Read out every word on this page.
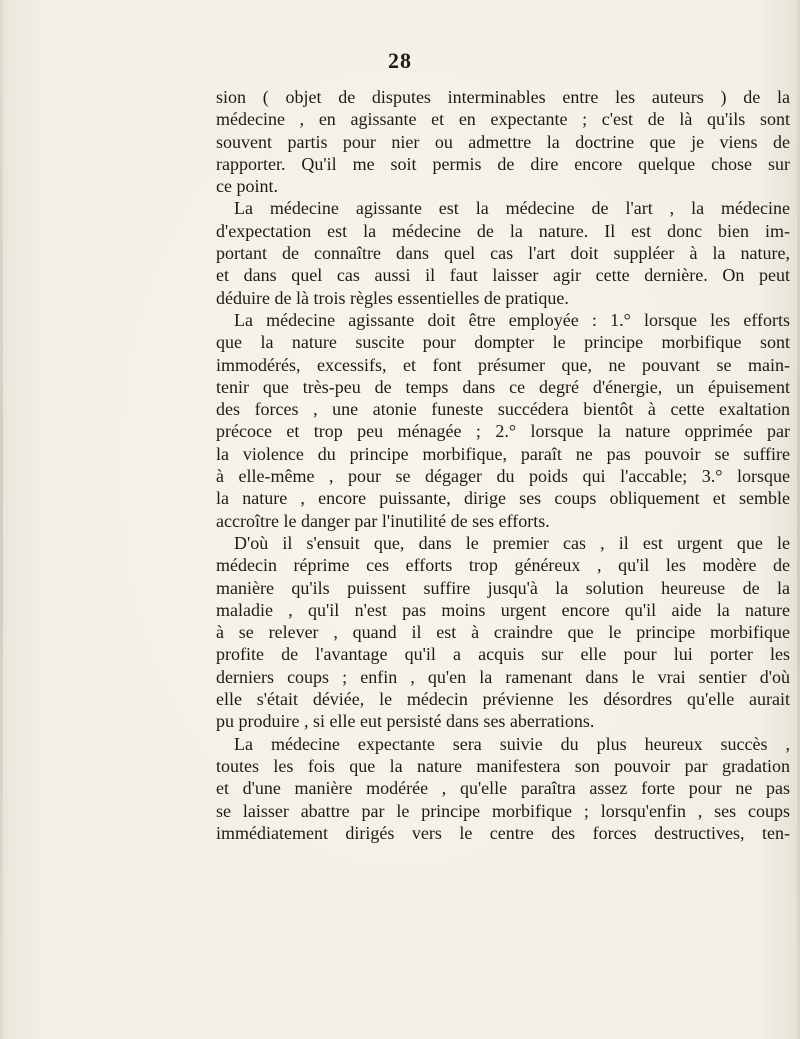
28
sion ( objet de disputes interminables entre les auteurs ) de la
médecine , en agissante et en expectante ; c'est de là qu'ils sont
souvent partis pour nier ou admettre la doctrine que je viens de
rapporter. Qu'il me soit permis de dire encore quelque chose sur
ce point.
La médecine agissante est la médecine de l'art , la médecine
d'expectation est la médecine de la nature. Il est donc bien im-
portant de connaître dans quel cas l'art doit suppléer à la nature,
et dans quel cas aussi il faut laisser agir cette dernière. On peut
déduire de là trois règles essentielles de pratique.
La médecine agissante doit être employée : 1.° lorsque les efforts
que la nature suscite pour dompter le principe morbifique sont
immodérés, excessifs, et font présumer que, ne pouvant se main-
tenir que très-peu de temps dans ce degré d'énergie, un épuisement
des forces , une atonie funeste succédera bientôt à cette exaltation
précoce et trop peu ménagée ; 2.° lorsque la nature opprimée par
la violence du principe morbifique, paraît ne pas pouvoir se suffire
à elle-même , pour se dégager du poids qui l'accable; 3.° lorsque
la nature , encore puissante, dirige ses coups obliquement et semble
accroître le danger par l'inutilité de ses efforts.
D'où il s'ensuit que, dans le premier cas , il est urgent que le
médecin réprime ces efforts trop généreux , qu'il les modère de
manière qu'ils puissent suffire jusqu'à la solution heureuse de la
maladie , qu'il n'est pas moins urgent encore qu'il aide la nature
à se relever , quand il est à craindre que le principe morbifique
profite de l'avantage qu'il a acquis sur elle pour lui porter les
derniers coups ; enfin , qu'en la ramenant dans le vrai sentier d'où
elle s'était déviée, le médecin prévienne les désordres qu'elle aurait
pu produire , si elle eut persisté dans ses aberrations.
La médecine expectante sera suivie du plus heureux succès ,
toutes les fois que la nature manifestera son pouvoir par gradation
et d'une manière modérée , qu'elle paraîtra assez forte pour ne pas
se laisser abattre par le principe morbifique ; lorsqu'enfin , ses coups
immédiatement dirigés vers le centre des forces destructives, ten-
